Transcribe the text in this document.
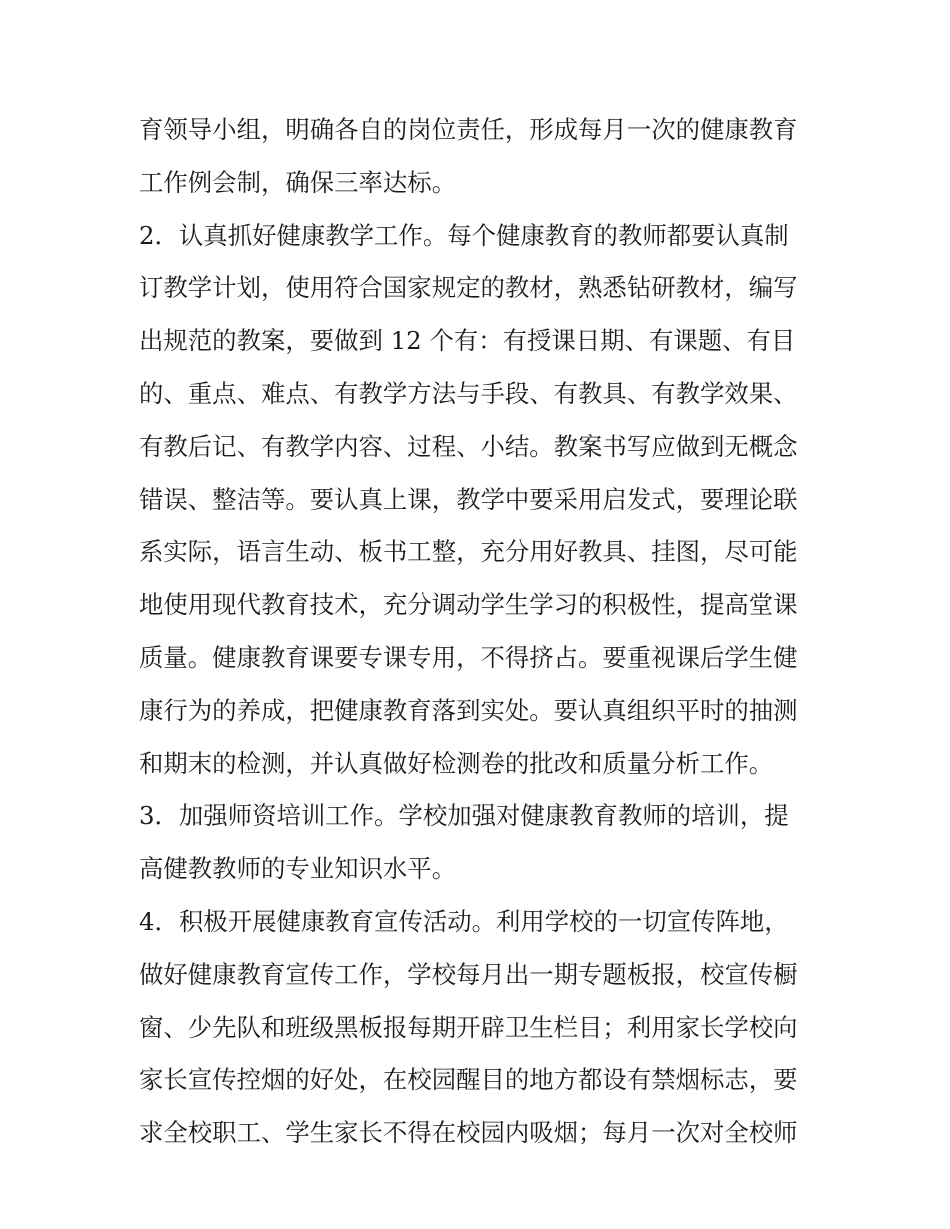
育领导小组，明确各自的岗位责任，形成每月一次的健康教育
工作例会制，确保三率达标。
2．认真抓好健康教学工作。每个健康教育的教师都要认真制
订教学计划，使用符合国家规定的教材，熟悉钻研教材，编写
出规范的教案，要做到 12 个有：有授课日期、有课题、有目
的、重点、难点、有教学方法与手段、有教具、有教学效果、
有教后记、有教学内容、过程、小结。教案书写应做到无概念
错误、整洁等。要认真上课，教学中要采用启发式，要理论联
系实际，语言生动、板书工整，充分用好教具、挂图，尽可能
地使用现代教育技术，充分调动学生学习的积极性，提高堂课
质量。健康教育课要专课专用，不得挤占。要重视课后学生健
康行为的养成，把健康教育落到实处。要认真组织平时的抽测
和期末的检测，并认真做好检测卷的批改和质量分析工作。
3．加强师资培训工作。学校加强对健康教育教师的培训，提
高健教教师的专业知识水平。
4．积极开展健康教育宣传活动。利用学校的一切宣传阵地，
做好健康教育宣传工作，学校每月出一期专题板报，校宣传橱
窗、少先队和班级黑板报每期开辟卫生栏目；利用家长学校向
家长宣传控烟的好处，在校园醒目的地方都设有禁烟标志，要
求全校职工、学生家长不得在校园内吸烟；每月一次对全校师
